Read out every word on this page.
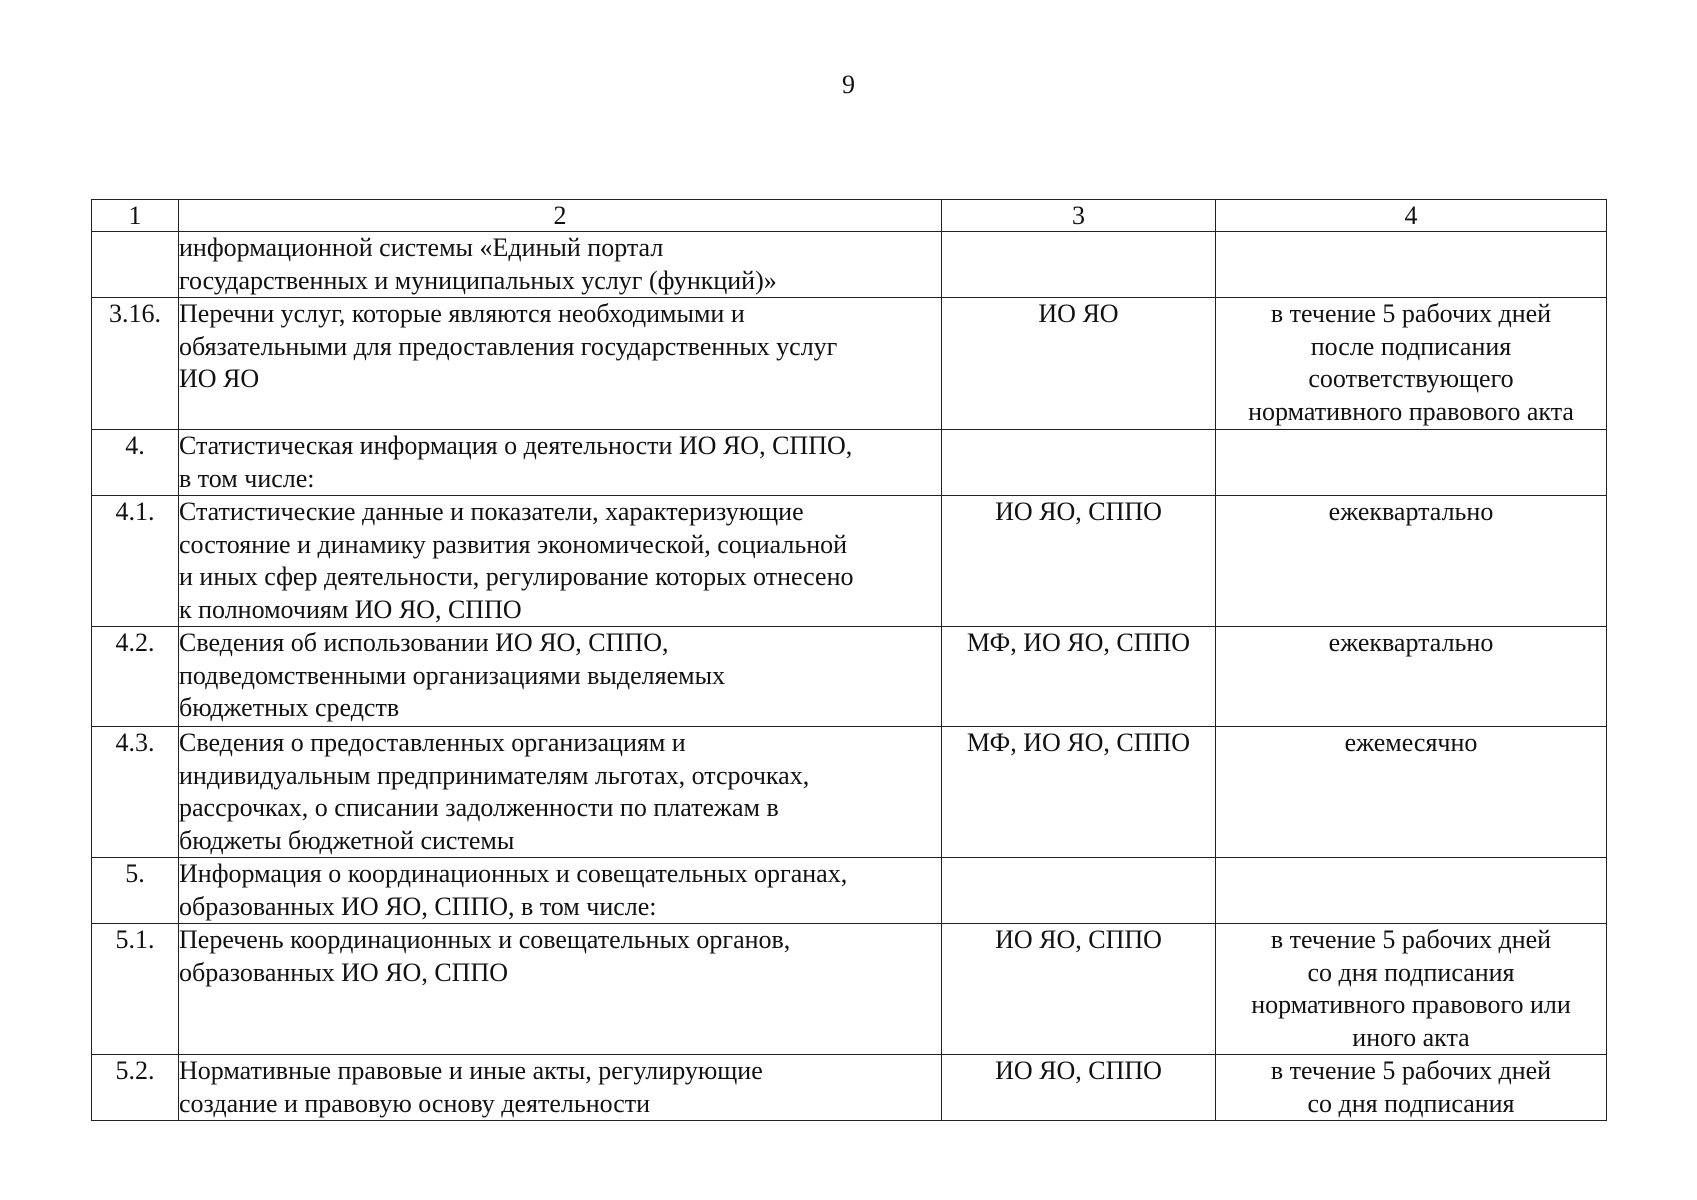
9
1	2	3	4

	информационной системы «Единый портал
государственных и муниципальных услуг (функций)»		

3.16.	Перечни услуг, которые являются необходимыми и
обязательными для предоставления государственных услуг
ИО ЯО	ИО ЯО	в течение 5 рабочих дней
после подписания
соответствующего
нормативного правового акта

4.	Статистическая информация о деятельности ИО ЯО, СППО,
в том числе:		

4.1.	Статистические данные и показатели, характеризующие
состояние и динамику развития экономической, социальной
и иных сфер деятельности, регулирование которых отнесено
к полномочиям ИО ЯО, СППО	ИО ЯО, СППО	ежеквартально

4.2.	Сведения об использовании ИО ЯО, СППО,
подведомственными организациями выделяемых
бюджетных средств	МФ, ИО ЯО, СППО	ежеквартально

4.3.	Сведения о предоставленных организациям и
индивидуальным предпринимателям льготах, отсрочках,
рассрочках, о списании задолженности по платежам в
бюджеты бюджетной системы	МФ, ИО ЯО, СППО	ежемесячно

5.	Информация о координационных и совещательных органах,
образованных ИО ЯО, СППО, в том числе:		

5.1.	Перечень координационных и совещательных органов,
образованных ИО ЯО, СППО	ИО ЯО, СППО	в течение 5 рабочих дней
со дня подписания
нормативного правового или
иного акта

5.2.	Нормативные правовые и иные акты, регулирующие
создание и правовую основу деятельности	ИО ЯО, СППО	в течение 5 рабочих дней
со дня подписания
